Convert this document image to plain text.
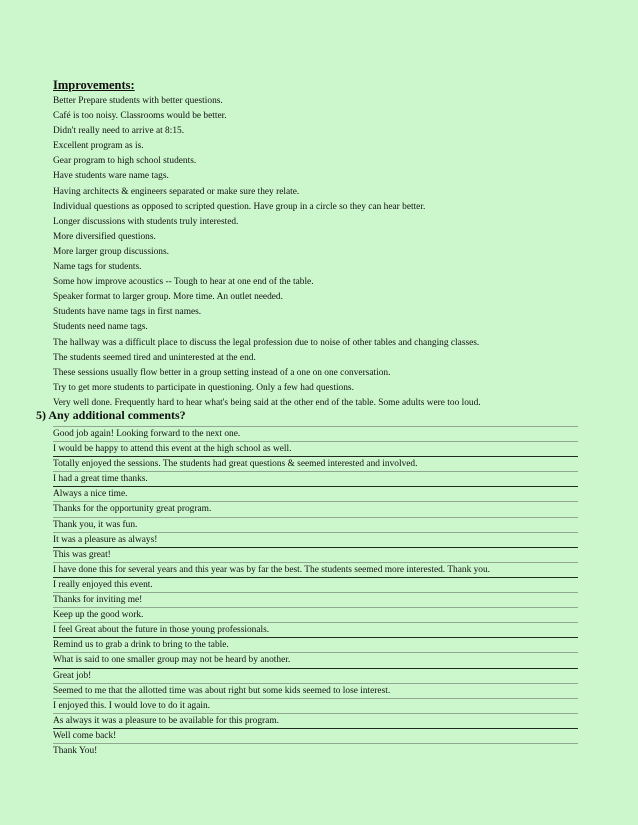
Improvements:
Better Prepare students with better questions.
Café is too noisy. Classrooms would be better.
Didn't really need to arrive at 8:15.
Excellent program as is.
Gear program to high school students.
Have students ware name tags.
Having architects & engineers separated or make sure they relate.
Individual questions as opposed to scripted question. Have group in a circle so they can hear better.
Longer discussions with students truly interested.
More diversified questions.
More larger group discussions.
Name tags for students.
Some how improve acoustics -- Tough to hear at one end of the table.
Speaker format to larger group. More time. An outlet needed.
Students have name tags in first names.
Students need name tags.
The hallway was a difficult place to discuss the legal profession due to noise of other tables and changing classes.
The students seemed tired and uninterested at the end.
These sessions usually flow better in a group setting instead of a one on one conversation.
Try to get more students to participate in questioning. Only a few had questions.
Very well done. Frequently hard to hear what's being said at the other end of the table. Some adults were too loud.
5) Any additional comments?
Good job again! Looking forward to the next one.
I would be happy to attend this event at the high school as well.
Totally enjoyed the sessions. The students had great questions & seemed interested and involved.
I had a great time thanks.
Always a nice time.
Thanks for the opportunity great program.
Thank you, it was fun.
It was a pleasure as always!
This was great!
I have done this for several years and this year was by far the best. The students seemed more interested. Thank you.
I really enjoyed this event.
Thanks for inviting me!
Keep up the good work.
I feel Great about the future in those young professionals.
Remind us to grab a drink to bring to the table.
What is said to one smaller group may not be heard by another.
Great job!
Seemed to me that the allotted time was about right but some kids seemed to lose interest.
I enjoyed this. I would love to do it again.
As always it was a pleasure to be available for this program.
Well come back!
Thank You!
